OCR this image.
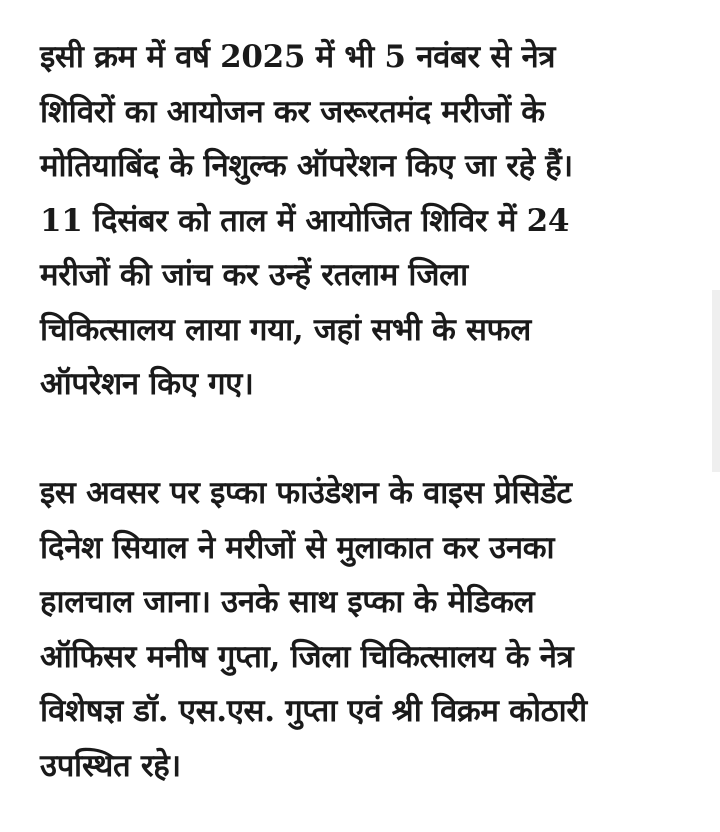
इसी क्रम में वर्ष 2025 में भी 5 नवंबर से नेत्र
शिविरों का आयोजन कर जरूरतमंद मरीजों के
मोतियाबिंद के निशुल्क ऑपरेशन किए जा रहे हैं।
11 दिसंबर को ताल में आयोजित शिविर में 24
मरीजों की जांच कर उन्हें रतलाम जिला
चिकित्सालय लाया गया, जहां सभी के सफल
ऑपरेशन किए गए।

इस अवसर पर इप्का फाउंडेशन के वाइस प्रेसिडेंट
दिनेश सियाल ने मरीजों से मुलाकात कर उनका
हालचाल जाना। उनके साथ इप्का के मेडिकल
ऑफिसर मनीष गुप्ता, जिला चिकित्सालय के नेत्र
विशेषज्ञ डॉ. एस.एस. गुप्ता एवं श्री विक्रम कोठारी
उपस्थित रहे।
